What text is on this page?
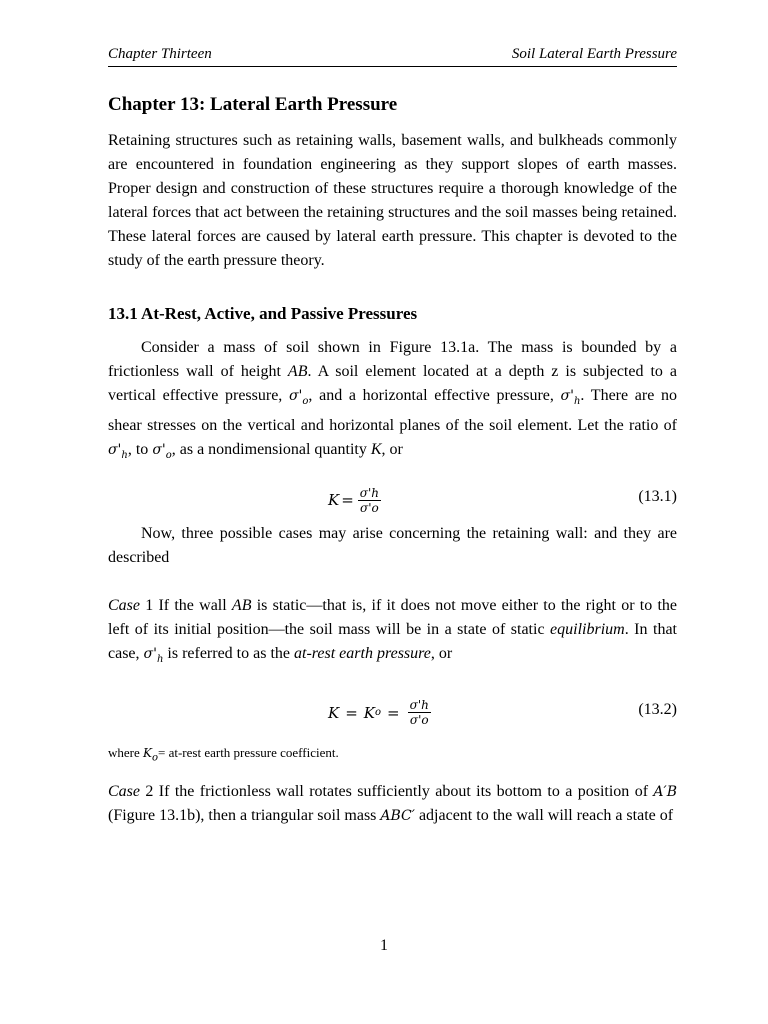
Chapter Thirteen	Soil Lateral Earth Pressure
Chapter 13: Lateral Earth Pressure

Retaining structures such as retaining walls, basement walls, and bulkheads commonly are encountered in foundation engineering as they support slopes of earth masses. Proper design and construction of these structures require a thorough knowledge of the lateral forces that act between the retaining structures and the soil masses being retained. These lateral forces are caused by lateral earth pressure. This chapter is devoted to the study of the earth pressure theory.

13.1 At-Rest, Active, and Passive Pressures

Consider a mass of soil shown in Figure 13.1a. The mass is bounded by a frictionless wall of height AB. A soil element located at a depth z is subjected to a vertical effective pressure, $\sigma'_o$, and a horizontal effective pressure, $\sigma'_h$. There are no shear stresses on the vertical and horizontal planes of the soil element. Let the ratio of $\sigma'_h$, to $\sigma'_o$, as a nondimensional quantity K, or

$K = \frac{\sigma'h}{\sigma'o}$	(13.1)

Now, three possible cases may arise concerning the retaining wall: and they are described

Case 1 If the wall AB is static—that is, if it does not move either to the right or to the left of its initial position—the soil mass will be in a state of static equilibrium. In that case, $\sigma'_h$ is referred to as the at-rest earth pressure, or

K = K $o = \frac{\sigma'h}{\sigma'o}$	(13.2)

where $K_o=$ at-rest earth pressure coefficient.

Case 2 If the frictionless wall rotates sufficiently about its bottom to a position of A′B (Figure 13.1b), then a triangular soil mass ABC′ adjacent to the wall will reach a state of

1
